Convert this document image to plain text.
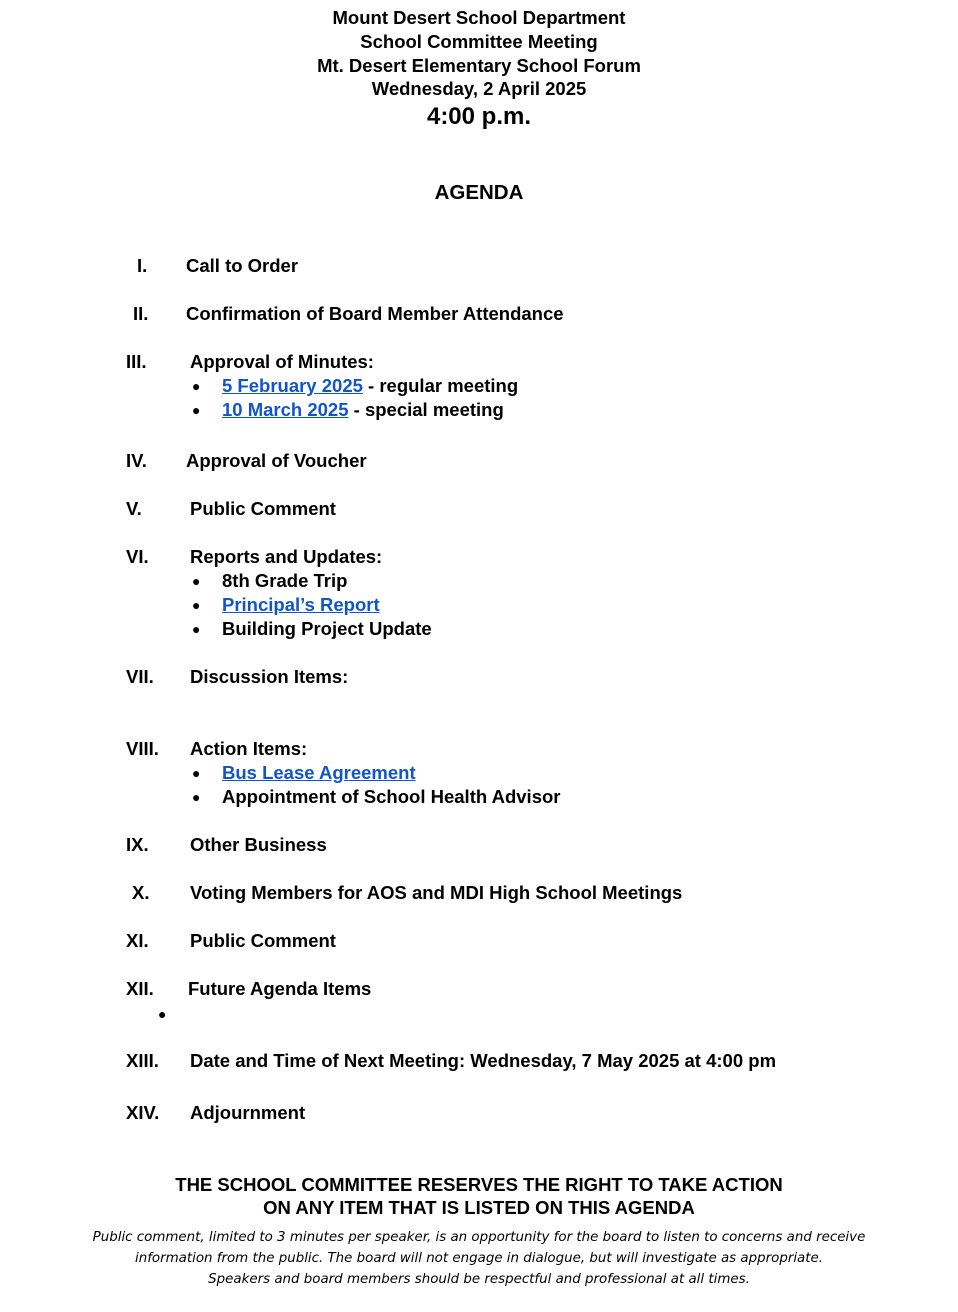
Mount Desert School Department
School Committee Meeting
Mt. Desert Elementary School Forum
Wednesday, 2 April 2025
4:00 p.m.
AGENDA
I. Call to Order
II. Confirmation of Board Member Attendance
III. Approval of Minutes:
● 5 February 2025 - regular meeting
● 10 March 2025 - special meeting
IV. Approval of Voucher
V.	Public Comment
VI. Reports and Updates:
● 8th Grade Trip
● Principal’s Report
● Building Project Update
VII. Discussion Items:
VIII. Action Items:
● Bus Lease Agreement
● Appointment of School Health Advisor
IX. Other Business
X. Voting Members for AOS and MDI High School Meetings
XI. Public Comment
XII. Future Agenda Items
●
XIII. Date and Time of Next Meeting: Wednesday, 7 May 2025 at 4:00 pm
XIV. Adjournment
THE SCHOOL COMMITTEE RESERVES THE RIGHT TO TAKE ACTION
ON ANY ITEM THAT IS LISTED ON THIS AGENDA
Public comment, limited to 3 minutes per speaker, is an opportunity for the board to listen to concerns and receive
information from the public. The board will not engage in dialogue, but will investigate as appropriate.
Speakers and board members should be respectful and professional at all times.
